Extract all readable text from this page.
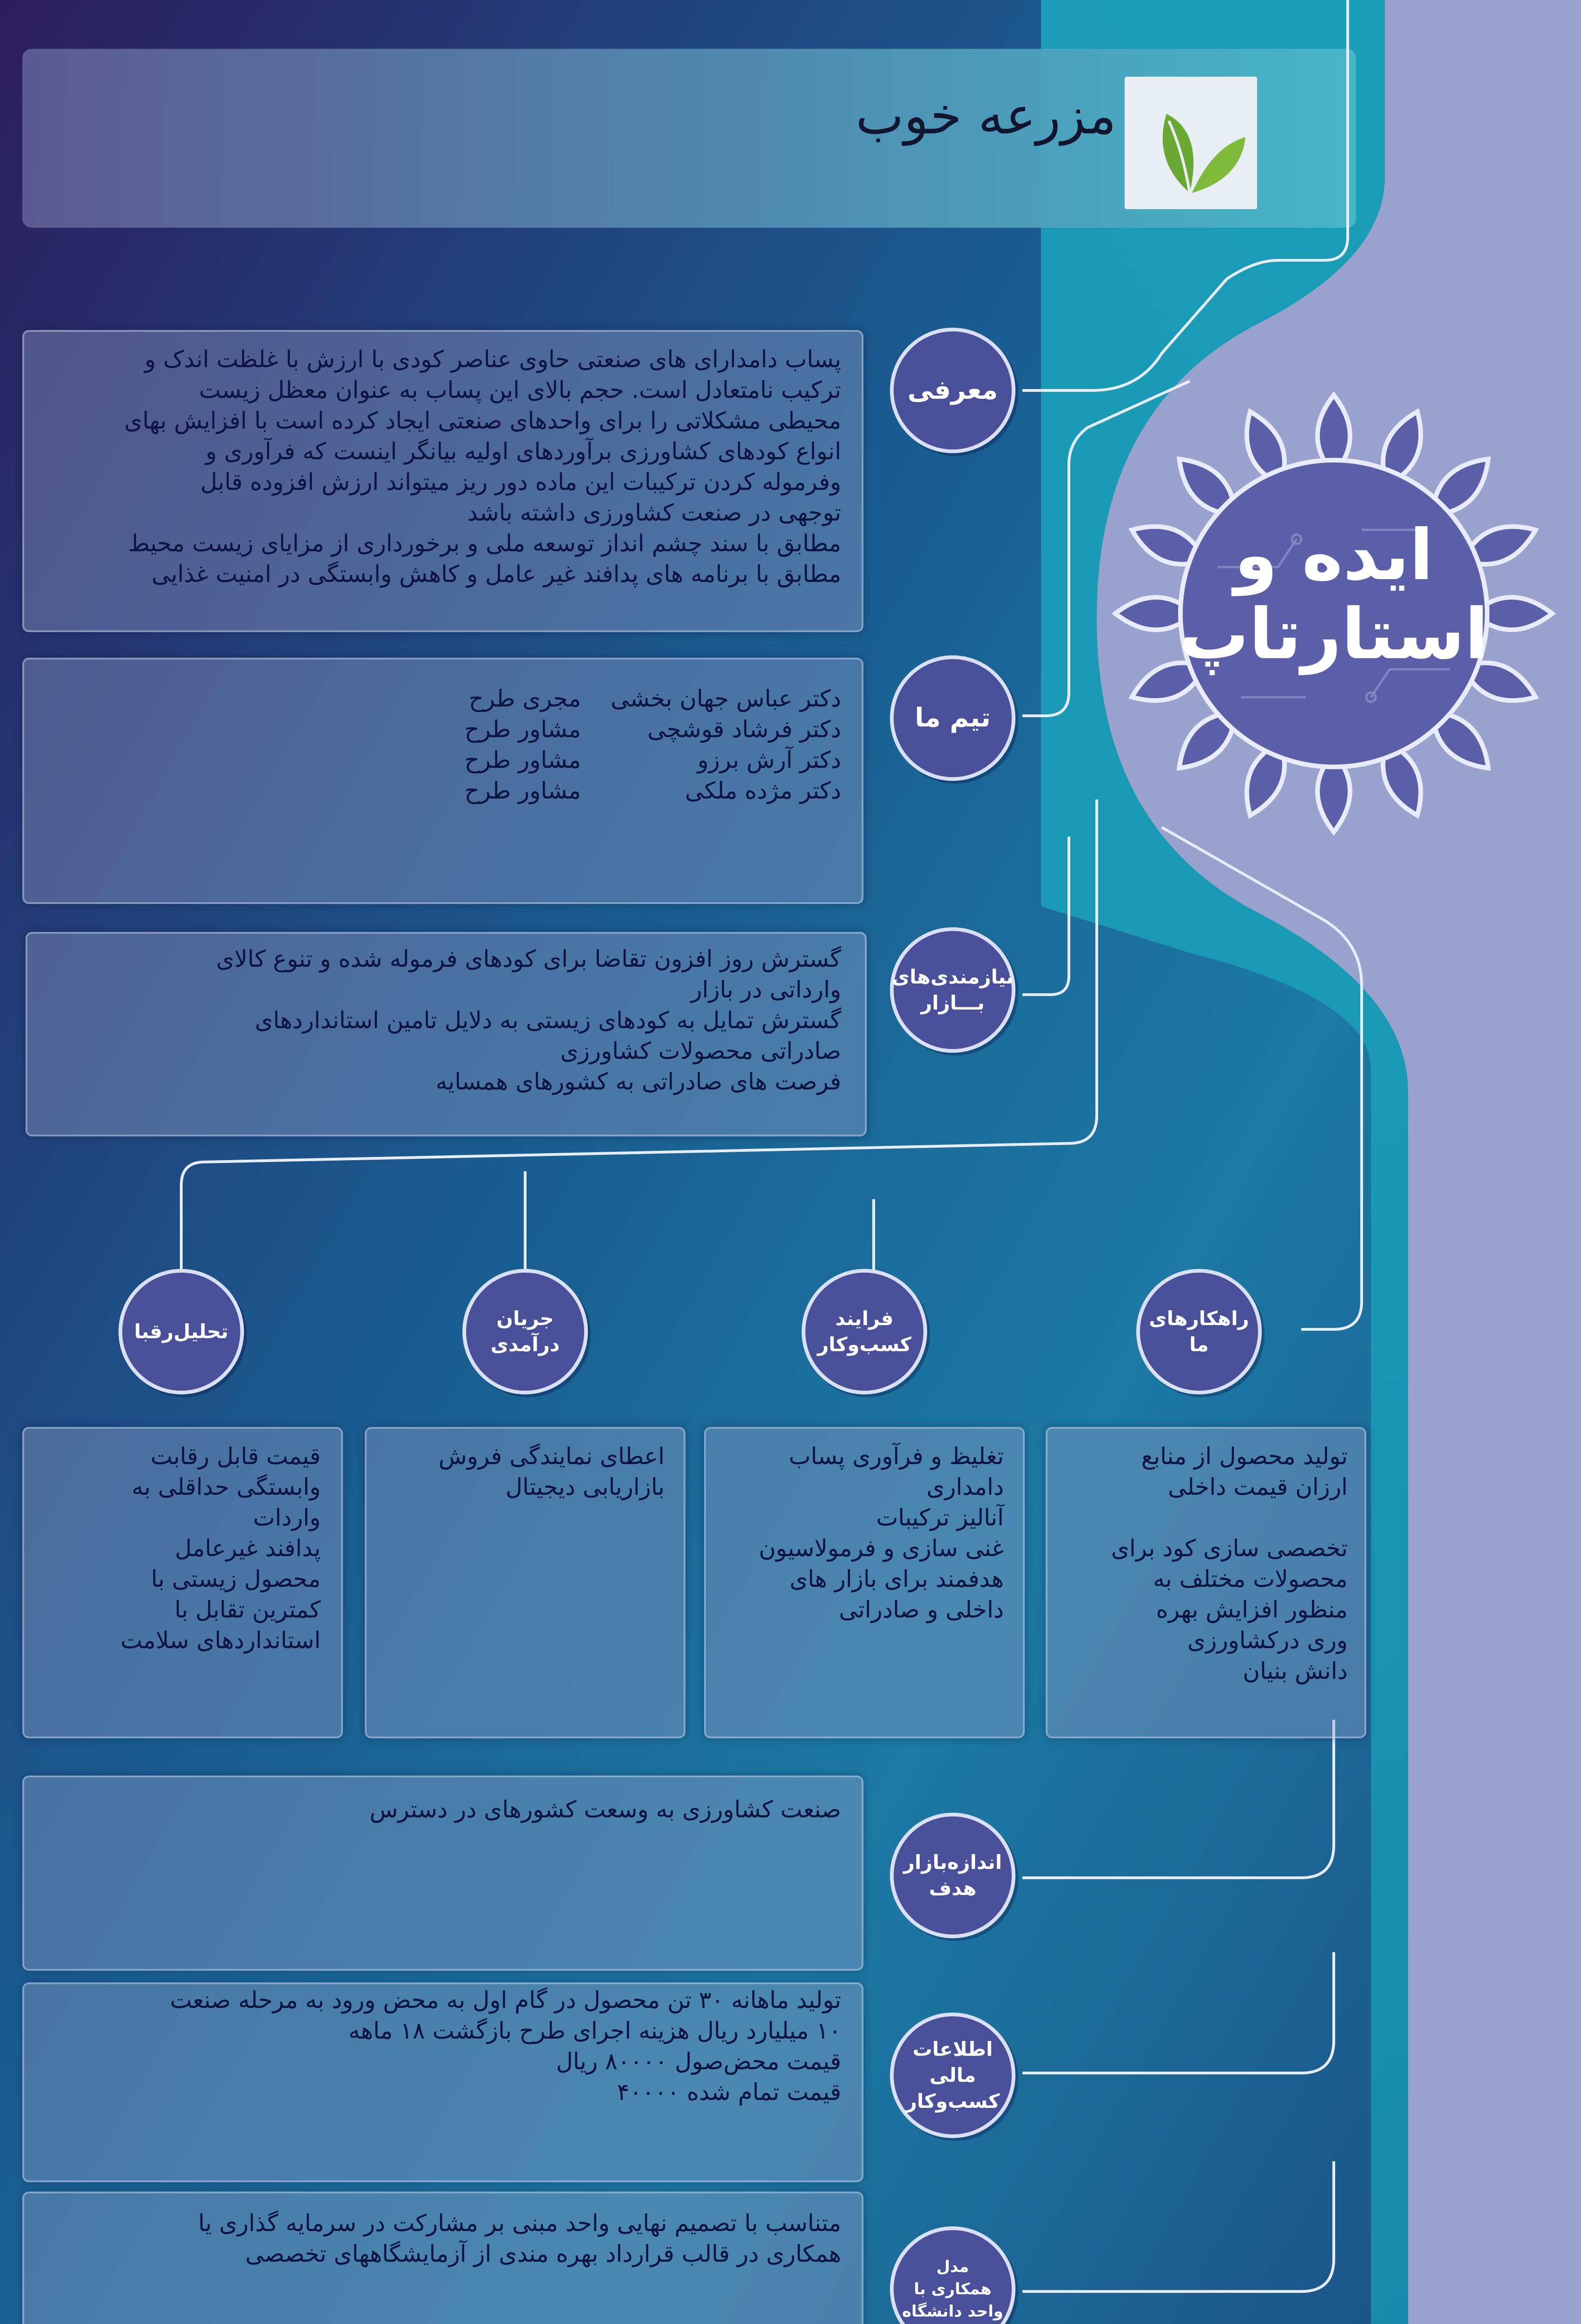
مزرعه خوب
ایده و
استارتاپ

پساب دامدارای های صنعتی حاوی عناصر کودی با ارزش با غلظت اندک و

ترکیب نامتعادل است. حجم بالای این پساب به عنوان معظل زیست

محیطی مشکلاتی را برای واحدهای صنعتی ایجاد کرده است با افزایش بهای

انواع کودهای کشاورزی برآوردهای اولیه بیانگر اینست که فرآوری و

وفرموله کردن ترکیبات این ماده دور ریز میتواند ارزش افزوده قابل

توجهی در صنعت کشاورزی داشته باشد

مطابق با سند چشم انداز توسعه ملی و برخورداری از مزایای زیست محیط

مطابق با برنامه های پدافند غیر عامل و کاهش وابستگی در امنیت غذایی

معرفی
دکتر عباس جهان بخشی
مجری طرح
دکتر فرشاد قوشچی
مشاور طرح
دکتر آرش برزو
مشاور طرح
دکتر مژده ملکی
مشاور طرح
تیم ما

گسترش روز افزون تقاضا برای کودهای فرموله شده و تنوع کالای

وارداتی در بازار

گسترش تمایل به کودهای زیستی به دلایل تامین استانداردهای

صادراتی محصولات کشاورزی

فرصت های صادراتی به کشورهای همسایه

نیازمندی‌های
بـــازار
تحلیل‌رقبا
جریان
درآمدی
فرایند
کسب‌وکار
راهکارهای
ما

قیمت قابل رقابت

وابستگی حداقلی به

واردات

پدافند غیرعامل

محصول زیستی با

کمترین تقابل با

استانداردهای سلامت

اعطای نمایندگی فروش

بازاریابی دیجیتال

تغلیظ و فرآوری پساب

دامداری

آنالیز ترکیبات

غنی سازی و فرمولاسیون

هدفمند برای بازار های

داخلی و صادراتی

تولید محصول از منابع

ارزان قیمت داخلی

تخصصی سازی کود برای

محصولات مختلف به

منظور افزایش بهره

وری درکشاورزی

دانش بنیان

صنعت کشاورزی به وسعت کشورهای در دسترس

اندازه‌بازار
هدف

تولید ماهانه ۳۰ تن محصول در گام اول به محض ورود به مرحله صنعت

۱۰ میلیارد ریال هزینه اجرای طرح بازگشت ۱۸ ماهه

قیمت محض‌صول ۸۰۰۰۰ ریال

قیمت تمام شده ۴۰۰۰۰

اطلاعات مالی
کسب‌وکار

متناسب با تصمیم نهایی واحد مبنی بر مشارکت در سرمایه گذاری یا

همکاری در قالب قرارداد بهره مندی از آزمایشگاههای تخصصی	مدل
همکاری با
واحد دانشگاه
